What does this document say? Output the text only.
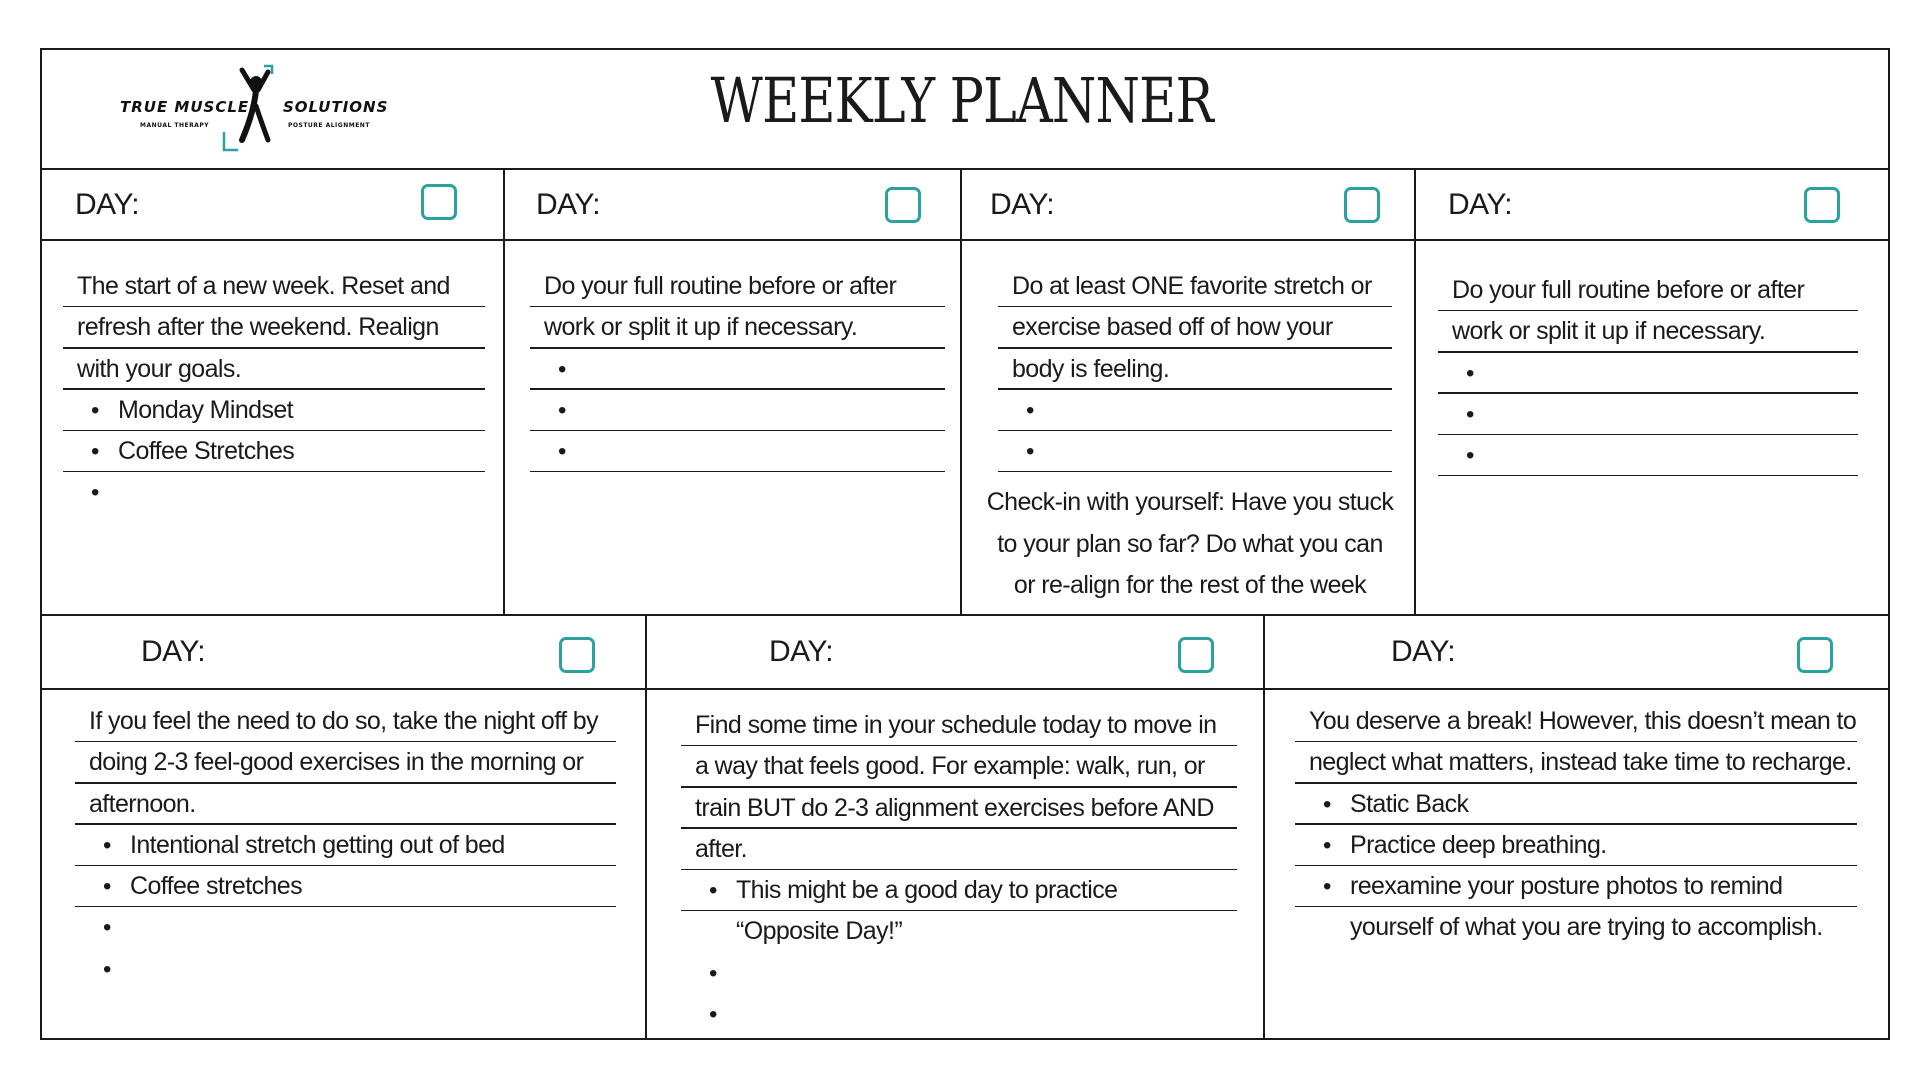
TRUE MUSCLE
MANUAL THERAPY
SOLUTIONS
POSTURE ALIGNMENT	WEEKLY PLANNER
DAY:	DAY:	DAY:	DAY:
DAY:	DAY:	DAY:
The start of a new week. Reset and
refresh after the weekend. Realign
with your goals.
• Monday Mindset
• Coffee Stretches
•
Do your full routine before or after
work or split it up if necessary.
•
•
•
Do at least ONE favorite stretch or
exercise based off of how your
body is feeling.
•
•
Do your full routine before or after
work or split it up if necessary.
•
•
•
If you feel the need to do so, take the night off by
doing 2-3 feel-good exercises in the morning or
afternoon.
• Intentional stretch getting out of bed
• Coffee stretches
•
•
Find some time in your schedule today to move in
a way that feels good. For example: walk, run, or
train BUT do 2-3 alignment exercises before AND
after.
• This might be a good day to practice
“Opposite Day!”
•
•
You deserve a break! However, this doesn’t mean to
neglect what matters, instead take time to recharge.
• Static Back
• Practice deep breathing.
• reexamine your posture photos to remind
yourself of what you are trying to accomplish.
Check-in with yourself: Have you stuck
to your plan so far? Do what you can
or re-align for the rest of the week
